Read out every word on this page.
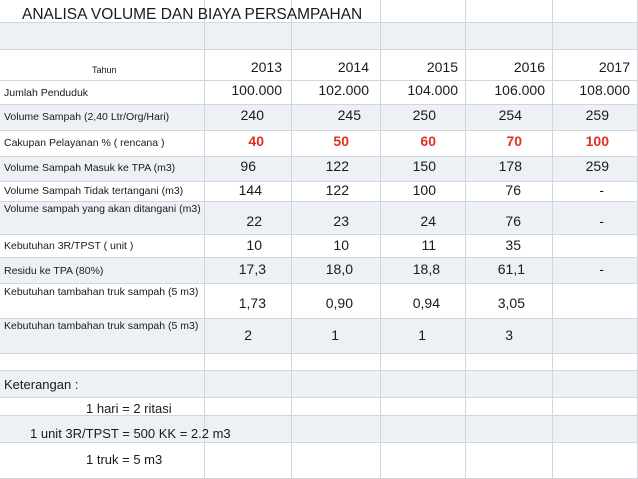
ANALISA VOLUME DAN BIAYA PERSAMPAHAN
Tahun	2013	2014	2015	2016	2017
Jumlah Penduduk	100.000	102.000	104.000	106.000	108.000
Volume Sampah (2,40 Ltr/Org/Hari)	240	245	250	254	259
Cakupan Pelayanan % ( rencana )	40	50	60	70	100
Volume Sampah Masuk ke TPA (m3)	96	122	150	178	259
Volume Sampah Tidak tertangani (m3)	144	122	100	76	-
Volume sampah yang akan ditangani (m3)
22	23	24	76	-
Kebutuhan 3R/TPST ( unit )	10	10	11	35
Residu ke TPA (80%)	17,3	18,0	18,8	61,1	-
Kebutuhan tambahan truk sampah (5 m3)
1,73	0,90	0,94	3,05
Kebutuhan tambahan truk sampah (5 m3)
2	1	1	3
Keterangan :
1 hari = 2 ritasi
1 unit 3R/TPST = 500 KK = 2.2 m3
1 truk = 5 m3
